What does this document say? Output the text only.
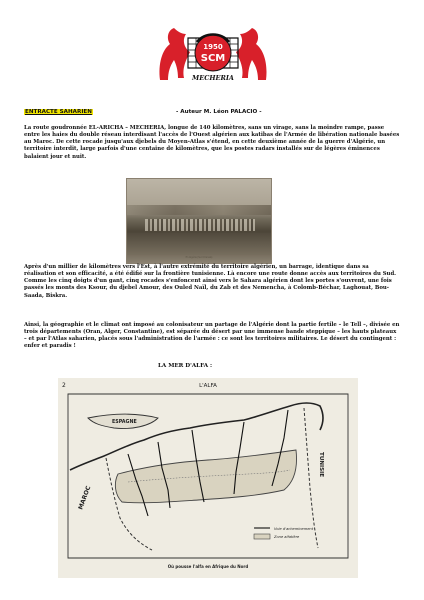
1950
SCM
MECHERIA
ENTRACTE SAHARIEN	- Auteur M. Léon PALACIO -
La route goudronnée EL-ARICHA – MECHERIA, longue de 140 kilomètres, sans un virage, sans la moindre rampe, passe entre les haies du double réseau interdisant l'accès de l'Ouest algérien aux katibas de l'Armée de libération nationale basées au Maroc. De cette rocade jusqu'aux djebels du Moyen-Atlas s'étend, en cette deuxième année de la guerre d'Algérie, un territoire interdit, large parfois d'une centaine de kilomètres, que les postes radars installés sur de légères éminences balaient jour et nuit.
En Algérie (Sud Oranais)
Après d'un millier de kilomètres vers l'Est, à l'autre extrémité du territoire algérien, un barrage, identique dans sa réalisation et son efficacité, a été édifié sur la frontière tunisienne. Là encore une route donne accès aux territoires du Sud.
Comme les cinq doigts d'un gant, cinq rocades s'enfoncent ainsi vers le Sahara algérien dont les portes s'ouvrent, une fois passés les monts des Ksour, du djebel Amour, des Ouled Naïl, du Zab et des Nemencha, à Colomb-Béchar, Laghouat, Bou-Saada, Biskra.
Ainsi, la géographie et le climat ont imposé au colonisateur un partage de l'Algérie dont la partie fertile – le Tell –, divisée en trois départements (Oran, Alger, Constantine), est séparée du désert par une immense bande steppique – les hauts plateaux – et par l'Atlas saharien, placés sous l'administration de l'armée : ce sont les territoires militaires. Le désert du contingent : enfer et paradis !
LA MER D'ALFA :
2	L'ALFA
ESPAGNE
MAROC
TUNISIE
Voie d'acheminement
Zone alfatière
Où pousse l'alfa en Afrique du Nord
